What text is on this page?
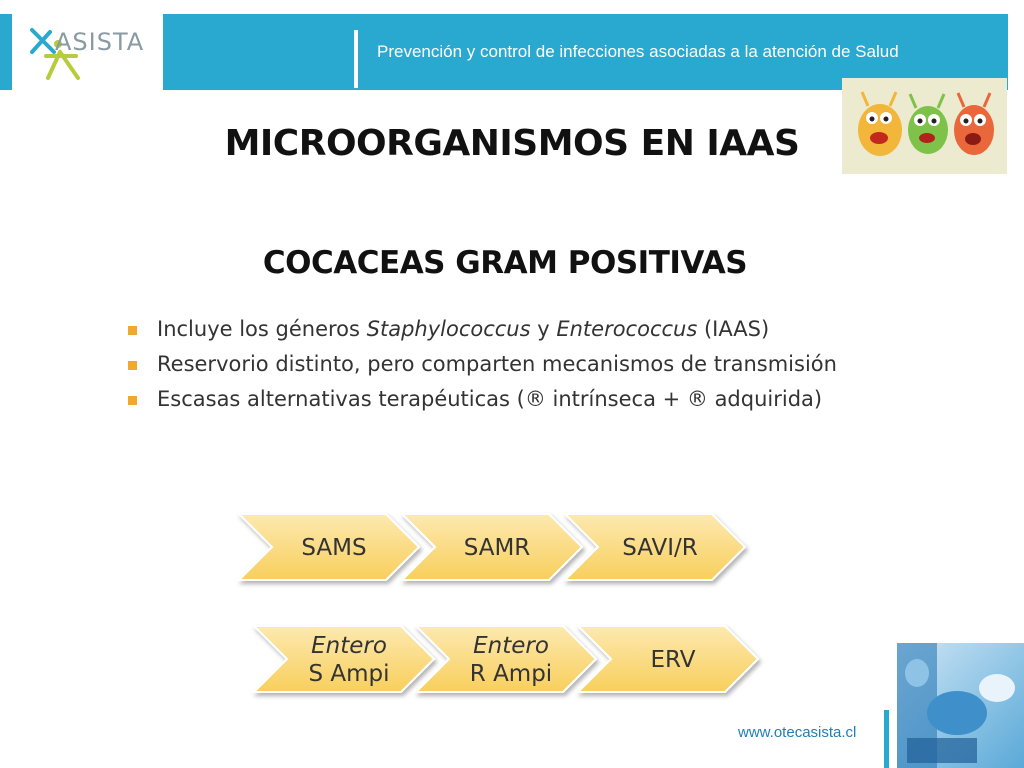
ASISTA	Prevención y control de infecciones asociadas a la atención de Salud
MICROORGANISMOS EN IAAS
COCACEAS GRAM POSITIVAS
Incluye los géneros Staphylococcus y Enterococcus (IAAS)
Reservorio distinto, pero comparten mecanismos de transmisión
Escasas alternativas terapéuticas (® intrínseca + ® adquirida)
SAMS	SAMR	SAVI/R
Entero
S Ampi
Entero
R Ampi
ERV
www.otecasista.cl
